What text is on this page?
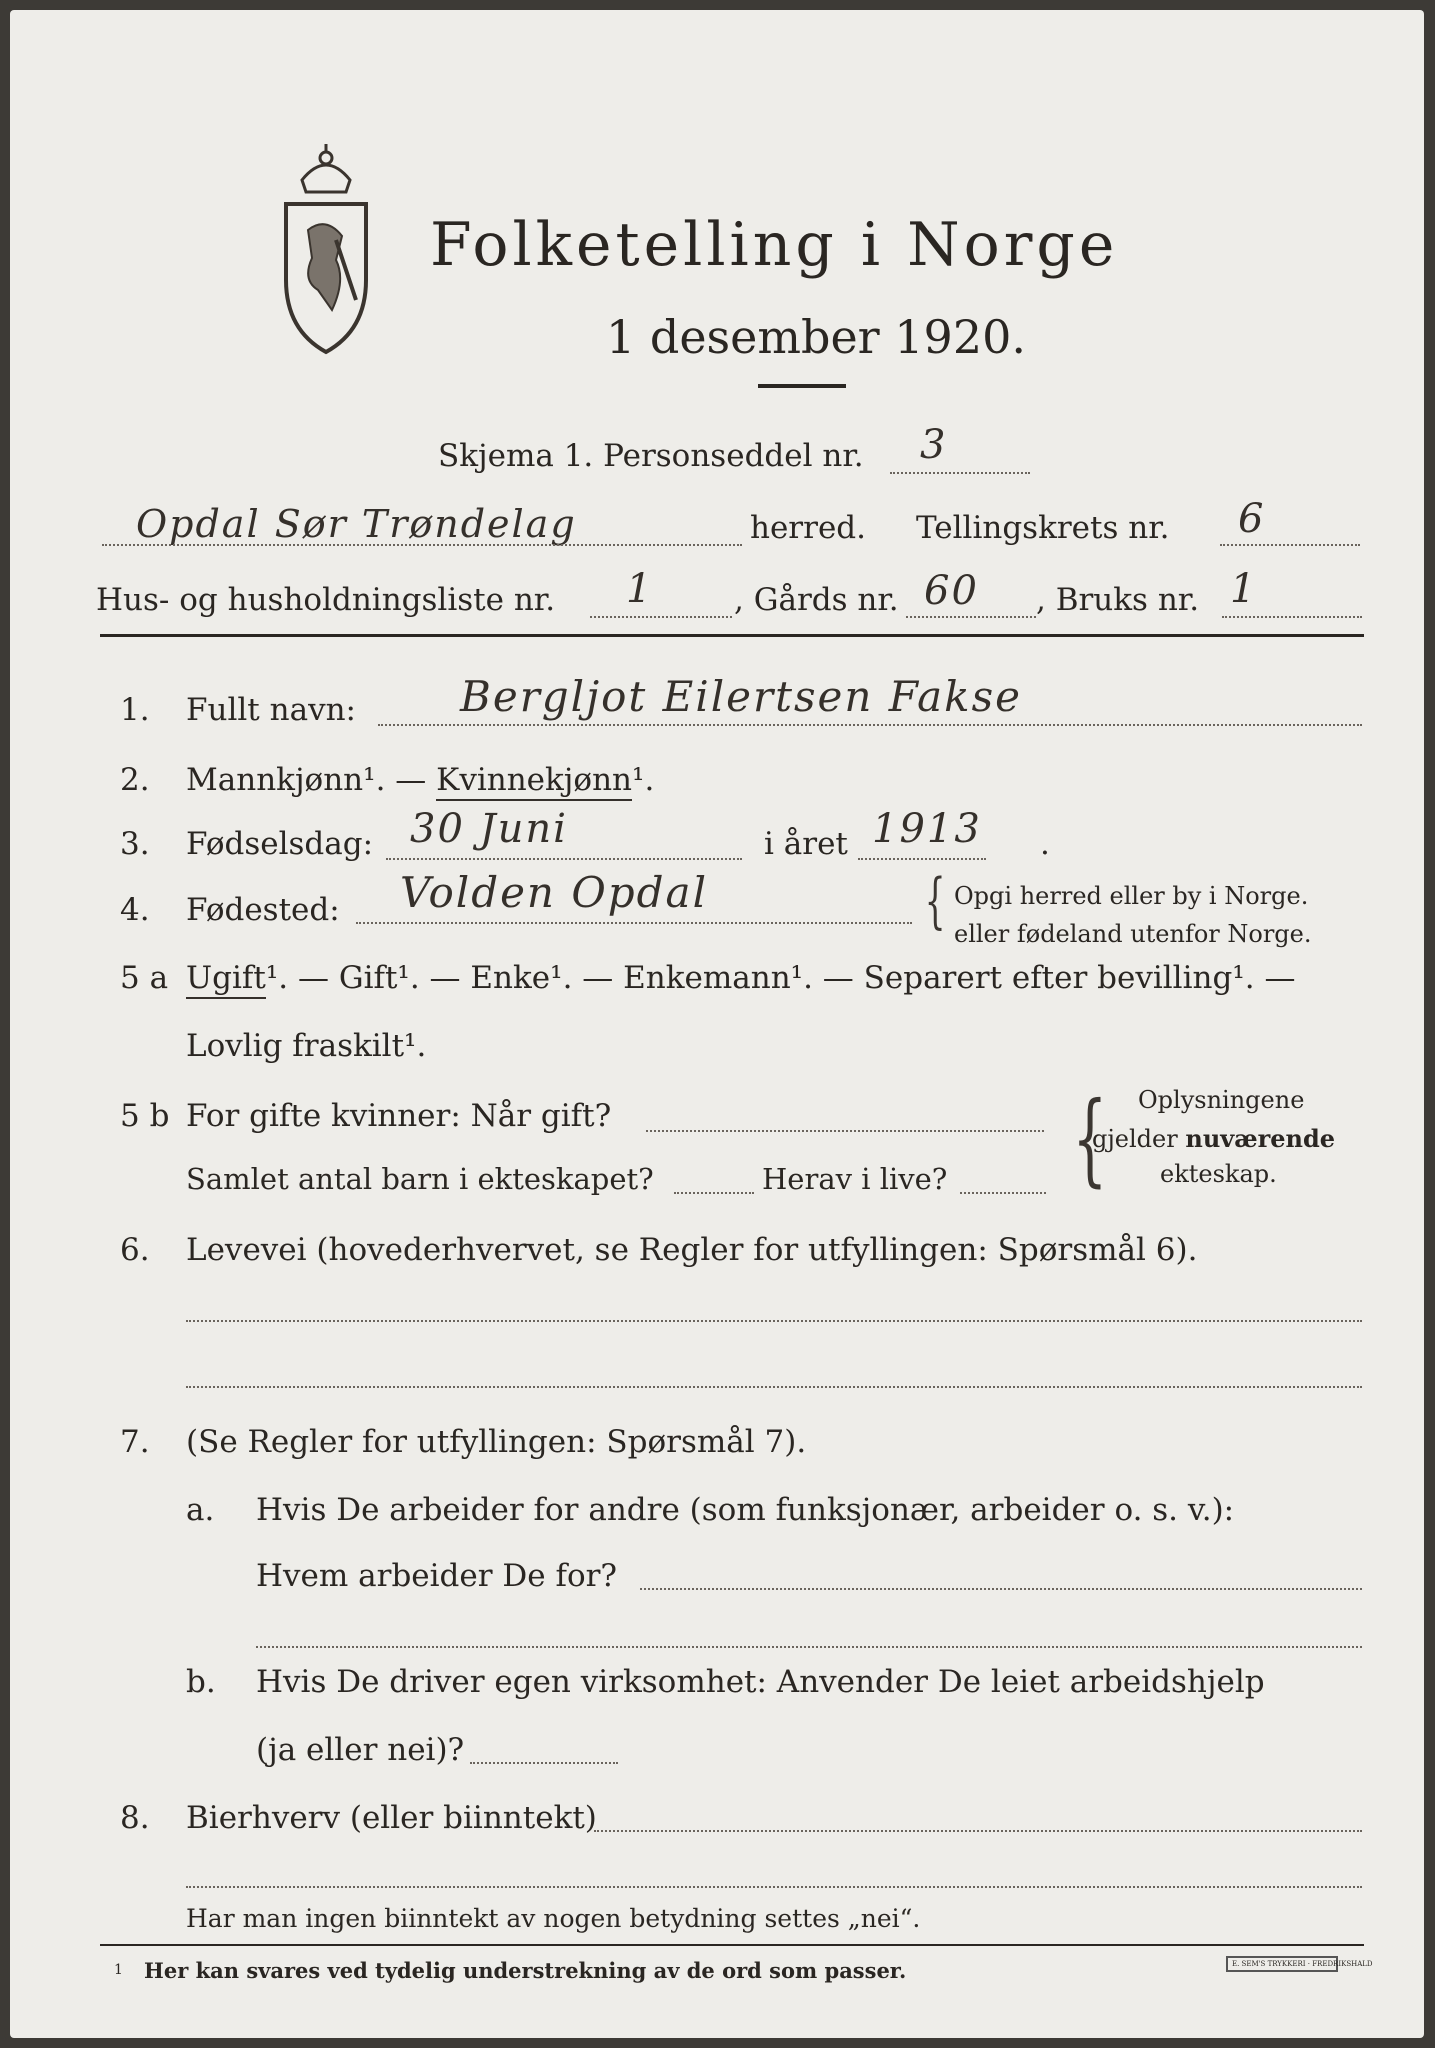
Folketelling i Norge
1 desember 1920.
Skjema 1. Personseddel nr. 3
Opdal Sør Trøndelag	herred. Tellingskrets nr. 6
Hus- og husholdningsliste nr. 1	, Gårds nr. 60 , Bruks nr. 1
1. Fullt navn: Bergljot Eilertsen Fakse
2. Mannkjønn¹. — Kvinnekjønn¹.
3. Fødselsdag: 30 Juni	i året 1913 .
4. Fødested: Volden Opdal	{ Opgi herred eller by i Norge.
eller fødeland utenfor Norge.
5 a Ugift¹. — Gift¹. — Enke¹. — Enkemann¹. — Separert efter bevilling¹. —
Lovlig fraskilt¹.
5 b For gifte kvinner: Når gift?
Samlet antal barn i ekteskapet?	Herav i live? { Oplysningene
gjelder nuværende
ekteskap.
6. Levevei (hovederhvervet, se Regler for utfyllingen: Spørsmål 6).
7. (Se Regler for utfyllingen: Spørsmål 7).
a. Hvis De arbeider for andre (som funksjonær, arbeider o. s. v.):
Hvem arbeider De for?
b. Hvis De driver egen virksomhet: Anvender De leiet arbeidshjelp
(ja eller nei)?
8. Bierhverv (eller biinntekt)
Har man ingen biinntekt av nogen betydning settes „nei“.
1 Her kan svares ved tydelig understrekning av de ord som passer.	E. SEM'S TRYKKERI · FREDRIKSHALD
